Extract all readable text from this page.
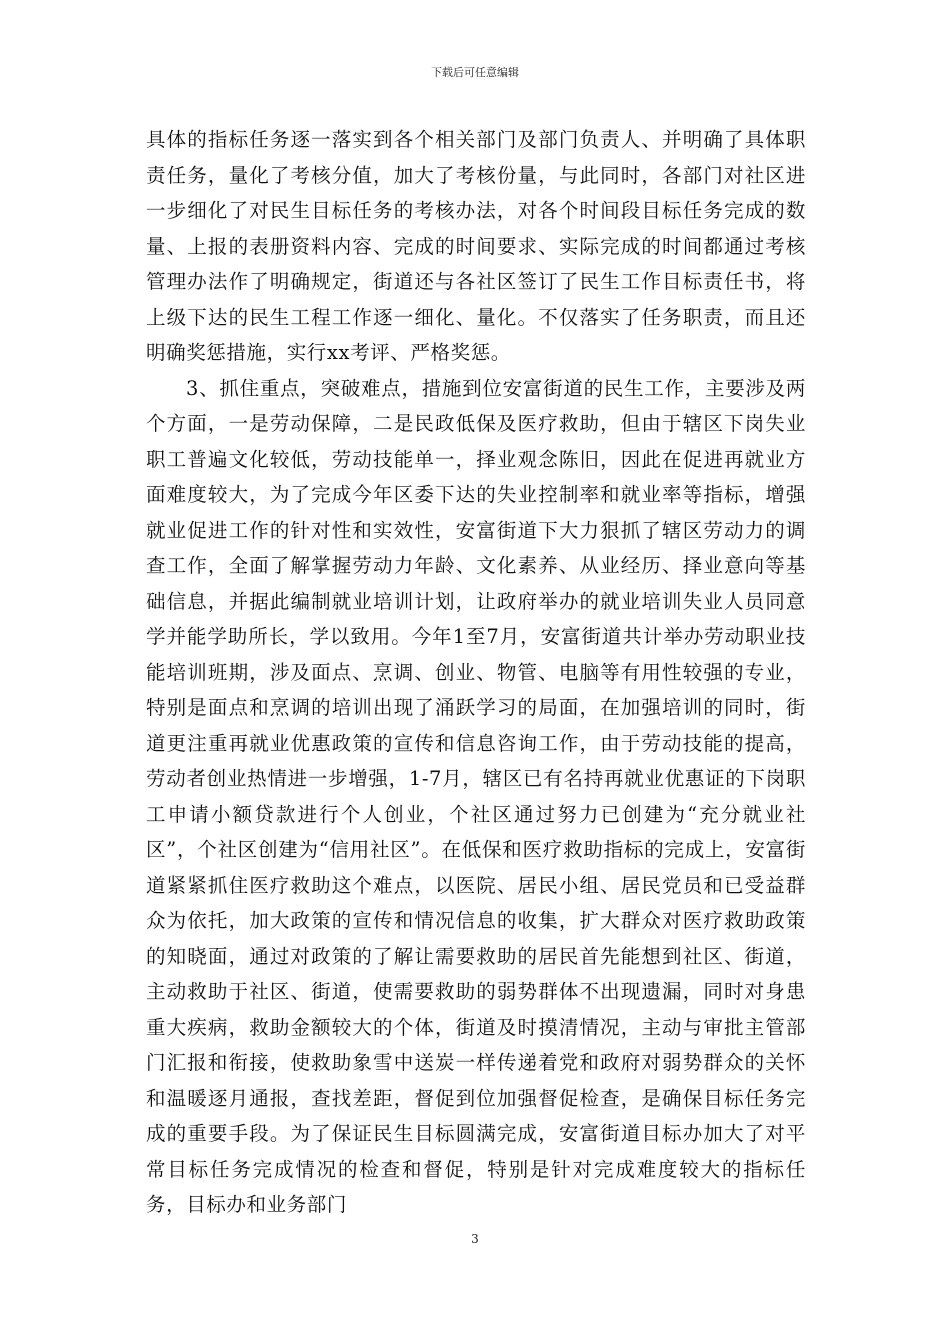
下载后可任意编辑

具体的指标任务逐一落实到各个相关部门及部门负责人、并明确了具体职责任务，量化了考核分值，加大了考核份量，与此同时，各部门对社区进一步细化了对民生目标任务的考核办法，对各个时间段目标任务完成的数量、上报的表册资料内容、完成的时间要求、实际完成的时间都通过考核管理办法作了明确规定，街道还与各社区签订了民生工作目标责任书，将上级下达的民生工程工作逐一细化、量化。不仅落实了任务职责，而且还明确奖惩措施，实行xx考评、严格奖惩。

3、抓住重点，突破难点，措施到位安富街道的民生工作，主要涉及两个方面，一是劳动保障，二是民政低保及医疗救助，但由于辖区下岗失业职工普遍文化较低，劳动技能单一，择业观念陈旧，因此在促进再就业方面难度较大，为了完成今年区委下达的失业控制率和就业率等指标，增强就业促进工作的针对性和实效性，安富街道下大力狠抓了辖区劳动力的调查工作，全面了解掌握劳动力年龄、文化素养、从业经历、择业意向等基础信息，并据此编制就业培训计划，让政府举办的就业培训失业人员同意学并能学助所长，学以致用。今年1至7月，安富街道共计举办劳动职业技能培训班期，涉及面点、烹调、创业、物管、电脑等有用性较强的专业，特别是面点和烹调的培训出现了涌跃学习的局面，在加强培训的同时，街道更注重再就业优惠政策的宣传和信息咨询工作，由于劳动技能的提高，劳动者创业热情进一步增强，1-7月，辖区已有名持再就业优惠证的下岗职工申请小额贷款进行个人创业，个社区通过努力已创建为“充分就业社区”，个社区创建为“信用社区”。在低保和医疗救助指标的完成上，安富街道紧紧抓住医疗救助这个难点，以医院、居民小组、居民党员和已受益群众为依托，加大政策的宣传和情况信息的收集，扩大群众对医疗救助政策的知晓面，通过对政策的了解让需要救助的居民首先能想到社区、街道，主动救助于社区、街道，使需要救助的弱势群体不出现遗漏，同时对身患重大疾病，救助金额较大的个体，街道及时摸清情况，主动与审批主管部门汇报和衔接，使救助象雪中送炭一样传递着党和政府对弱势群众的关怀和温暖逐月通报，查找差距，督促到位加强督促检查，是确保目标任务完成的重要手段。为了保证民生目标圆满完成，安富街道目标办加大了对平常目标任务完成情况的检查和督促，特别是针对完成难度较大的指标任务，目标办和业务部门

3
